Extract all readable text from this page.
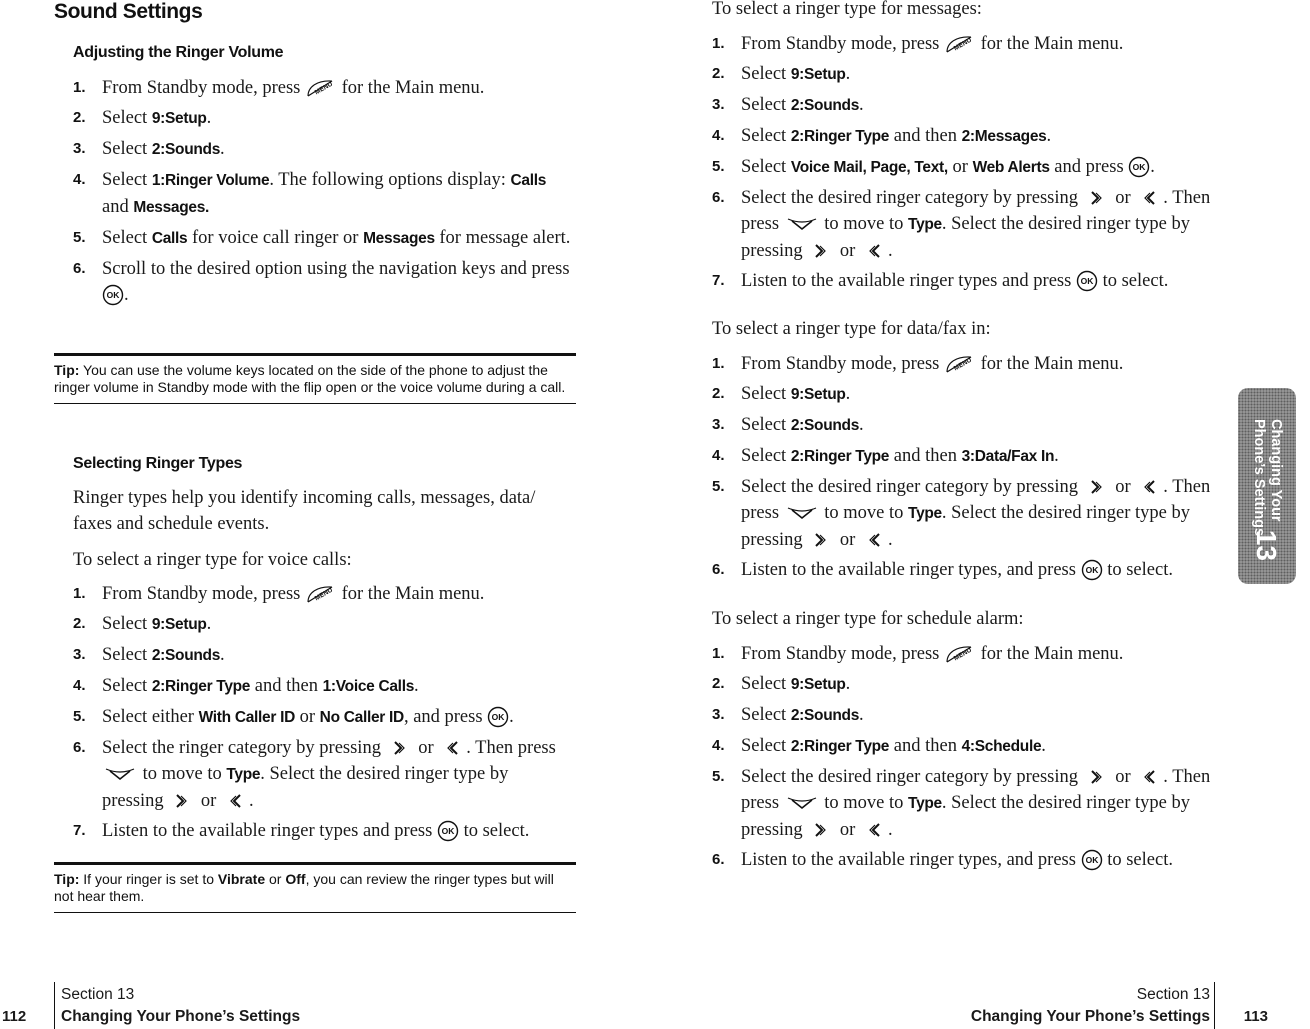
Sound Settings
Adjusting the Ringer Volume
1. From Standby mode, press MENU for the Main menu.
2. Select 9:Setup.
3. Select 2:Sounds.
4. Select 1:Ringer Volume. The following options display: Calls and Messages.
5. Select Calls for voice call ringer or Messages for message alert.
6. Scroll to the desired option using the navigation keys and press
OK .
Tip: You can use the volume keys located on the side of the phone to adjust the ringer volume in Standby mode with the flip open or the voice volume during a call.
Selecting Ringer Types

Ringer types help you identify incoming calls, messages, data/ faxes and schedule events.

To select a ringer type for voice calls:

1. From Standby mode, press MENU for the Main menu.
2. Select 9:Setup.
3. Select 2:Sounds.
4. Select 2:Ringer Type and then 1:Voice Calls.
5. Select either With Caller ID or No Caller ID, and press OK .
6. Select the ringer category by pressing
or
. Then press
to move to Type. Select the desired ringer type by pressing
or
.
7. Listen to the available ringer types and press OK to select.
Tip: If your ringer is set to Vibrate or Off, you can review the ringer types but will not hear them.
112
Section 13
Changing Your Phone’s Settings

To select a ringer type for messages:

1. From Standby mode, press MENU for the Main menu.
2. Select 9:Setup.
3. Select 2:Sounds.
4. Select 2:Ringer Type and then 2:Messages.
5. Select Voice Mail, Page, Text, or Web Alerts and press OK .
6. Select the desired ringer category by pressing
or
. Then press
to move to Type. Select the desired ringer type by pressing
or
.
7. Listen to the available ringer types and press OK to select.

To select a ringer type for data/fax in:

1. From Standby mode, press MENU for the Main menu.
2. Select 9:Setup.
3. Select 2:Sounds.
4. Select 2:Ringer Type and then 3:Data/Fax In.
5. Select the desired ringer category by pressing
or
. Then press
to move to Type. Select the desired ringer type by pressing
or
.
6. Listen to the available ringer types, and press OK to select.

To select a ringer type for schedule alarm:

1. From Standby mode, press MENU for the Main menu.
2. Select 9:Setup.
3. Select 2:Sounds.
4. Select 2:Ringer Type and then 4:Schedule.
5. Select the desired ringer category by pressing
or
. Then press
to move to Type. Select the desired ringer type by pressing
or
.
6. Listen to the available ringer types, and press OK to select.
Section 13
Changing Your Phone’s Settings 113
Changing Your
Phone’s Settings
13
